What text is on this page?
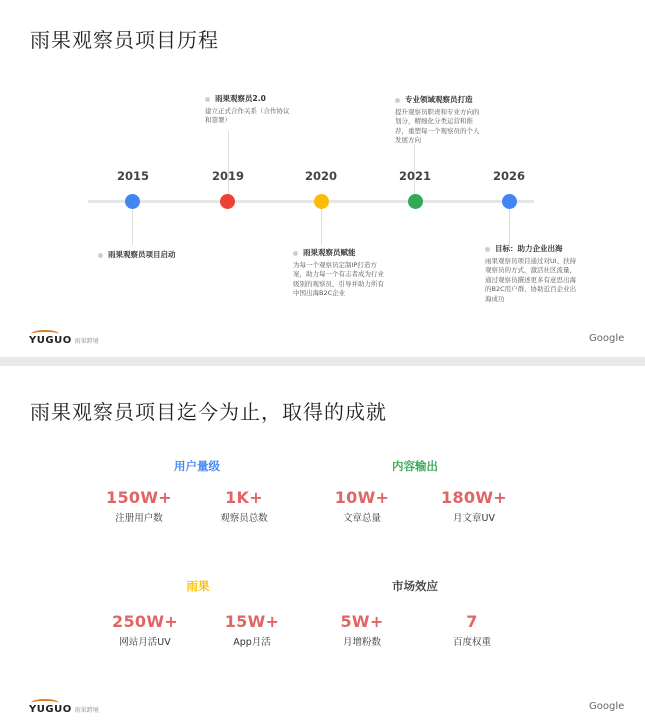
雨果观察员项目历程
2015	2019	2020	2021	2026
雨果观察员项目启动
雨果观察员2.0
建立正式合作关系（合作协议和签署）
雨果观察员赋能
为每一个观察员定制IP打造方案，助力每一个有志者成为行业级别的观察员，引导并助力所有中国出海B2C企业
专业领域观察员打造
提升观察员职责和专业方向的划分，精细化分类运营和推荐，重塑每一个观察员的个人发展方向
目标：助力企业出海
雨果观察员项目通过对UI、扶持观察员的方式，激活社区流量，通过观察员撰述更多有意思出海的B2C用户群，协助近百企业出海成功
YUGUO 雨果跨境	Google
雨果观察员项目迄今为止，取得的成就
用户量级
150W+
注册用户数
1K+
观察员总数
内容输出
10W+
文章总量
180W+
月文章UV
雨果
250W+
网站月活UV
15W+
App月活
市场效应
5W+
月增粉数
7
百度权重
YUGUO 雨果跨境	Google
